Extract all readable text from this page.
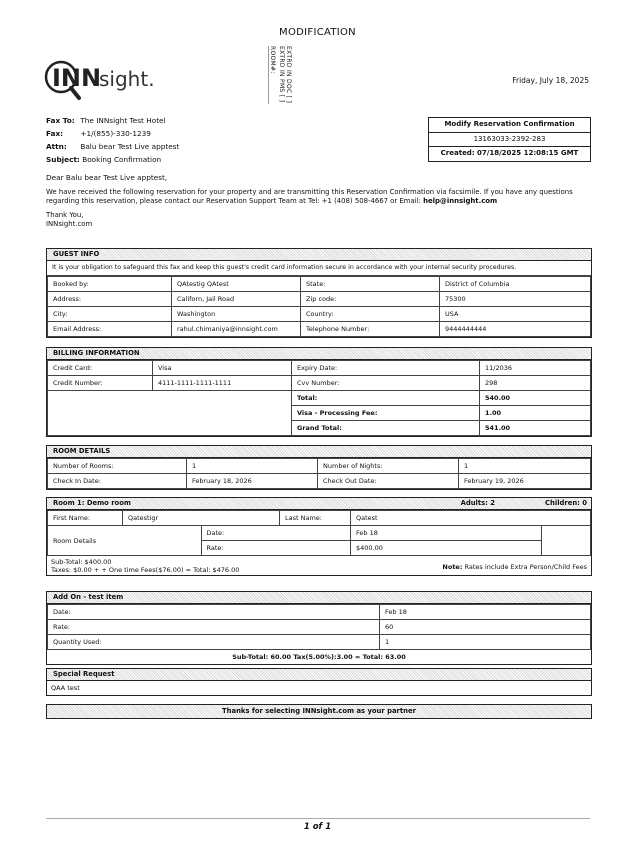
MODIFICATION
INN
sight.	EXTRD IN DOC [ ]
EXTRD IN PMS [ ]
ROOM#:
Friday, July 18, 2025
Fax To: The INNsight Test Hotel
Fax: +1/(855)-330-1239
Attn: Balu bear Test Live apptest
Subject: Booking Confirmation
Modify Reservation Confirmation
13163033-2392-283
Created: 07/18/2025 12:08:15 GMT
Dear Balu bear Test Live apptest,
We have received the following reservation for your property and are transmitting this Reservation Confirmation via facsimile. If you have any questions regarding this reservation, please contact our Reservation Support Team at Tel: +1 (408) 508-4667 or Email: help@innsight.com
Thank You,
INNsight.com
GUEST INFO
It is your obligation to safeguard this fax and keep this guest's credit card information secure in accordance with your internal security procedures.
Booked by:	QAtestig QAtest	State:	District of Columbia
Address:	Californ, Jail Road	Zip code:	75300
City:	Washington	Country:	USA
Email Address:	rahul.chimaniya@innsight.com	Telephone Number:	9444444444
BILLING INFORMATION
Credit Card:	Visa	Expiry Date:	11/2036
Credit Number:	4111-1111-1111-1111	Cvv Number:	298
		Total:	540.00
		Visa - Processing Fee:	1.00
		Grand Total:	541.00
ROOM DETAILS
Number of Rooms:	1	Number of Nights:	1
Check In Date:	February 18, 2026	Check Out Date:	February 19, 2026
Room 1: Demo room	Adults: 2	Children: 0
First Name:	Qatestigr		Last Name:	Qatest	
Room Details		Date:		Feb 18	
		Rate:		$400.00	
Sub-Total: $400.00
Taxes: $0.00 + + One time Fees($76.00) = Total: $476.00	Note: Rates include Extra Person/Child Fees
Add On - test item
Date:	Feb 18
Rate:	60
Quantity Used:	1
Sub-Total: 60.00 Tax(5.00%):3.00 = Total: 63.00
Special Request
QAA test
Thanks for selecting INNsight.com as your partner
1 of 1
